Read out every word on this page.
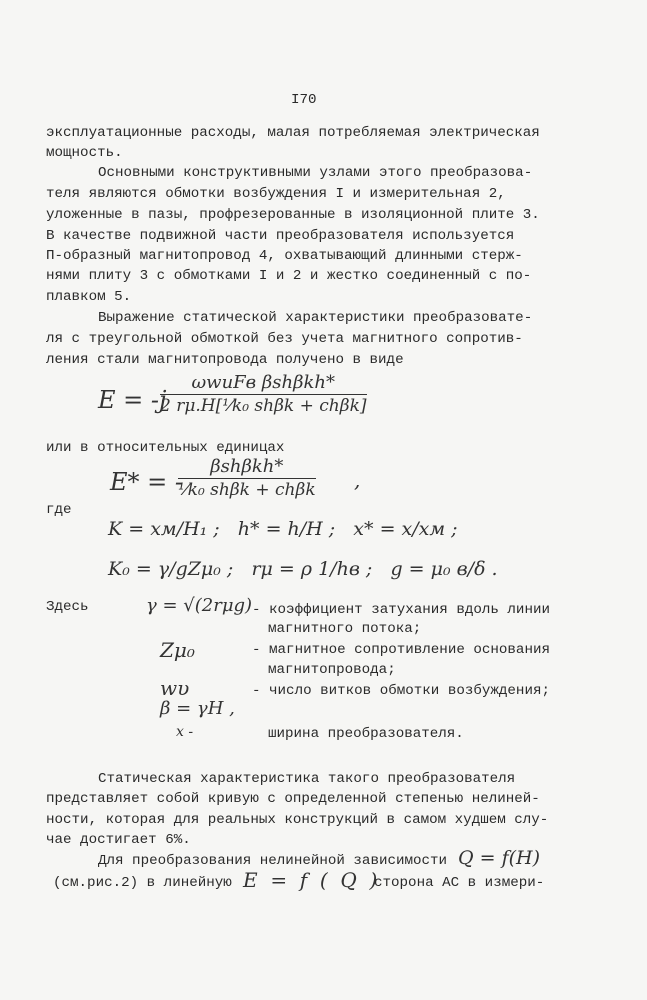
I70
эксплуатационные расходы, малая потребляемая электрическая
мощность.
Основными конструктивными узлами этого преобразова-
теля являются обмотки возбуждения I и измерительная 2,
уложенные в пазы, профрезерованные в изоляционной плите 3.
В качестве подвижной части преобразователя используется
П-образный магнитопровод 4, охватывающий длинными стерж-
нями плиту 3 с обмотками I и 2 и жестко соединенный с по-
плавком 5.
Выражение статической характеристики преобразовате-
ля с треугольной обмоткой без учета магнитного сопротив-
ления стали магнитопровода получено в виде
E = -j
ωwиFв βshβkh*
2 rμ.H[¹⁄k₀ shβk + chβk]
или в относительных единицах
E* = -
βshβkh*
¹⁄k₀ shβk + chβk ,
где
K = xм/H₁ ;   h* = h/H ;   x* = x/xм ;
K₀ = γ/gZμ₀ ;   rμ = ρ 1/hв ;   g = μ₀ в/δ .
Здесь	γ = √(2rμg) - коэффициент затухания вдоль линии
магнитного потока;
Zμ₀	- магнитное сопротивление основания
магнитопровода;
wυ	- число витков обмотки возбуждения;
β = γH ,
x -	ширина преобразователя.
Статическая характеристика такого преобразователя
представляет собой кривую с определенной степенью нелиней-
ности, которая для реальных конструкций в самом худшем слу-
чае достигает 6%.
Для преобразования нелинейной зависимости Q = f(H)
(см.рис.2) в линейную E  =  f  (  Q  )
сторона АС в измери-
